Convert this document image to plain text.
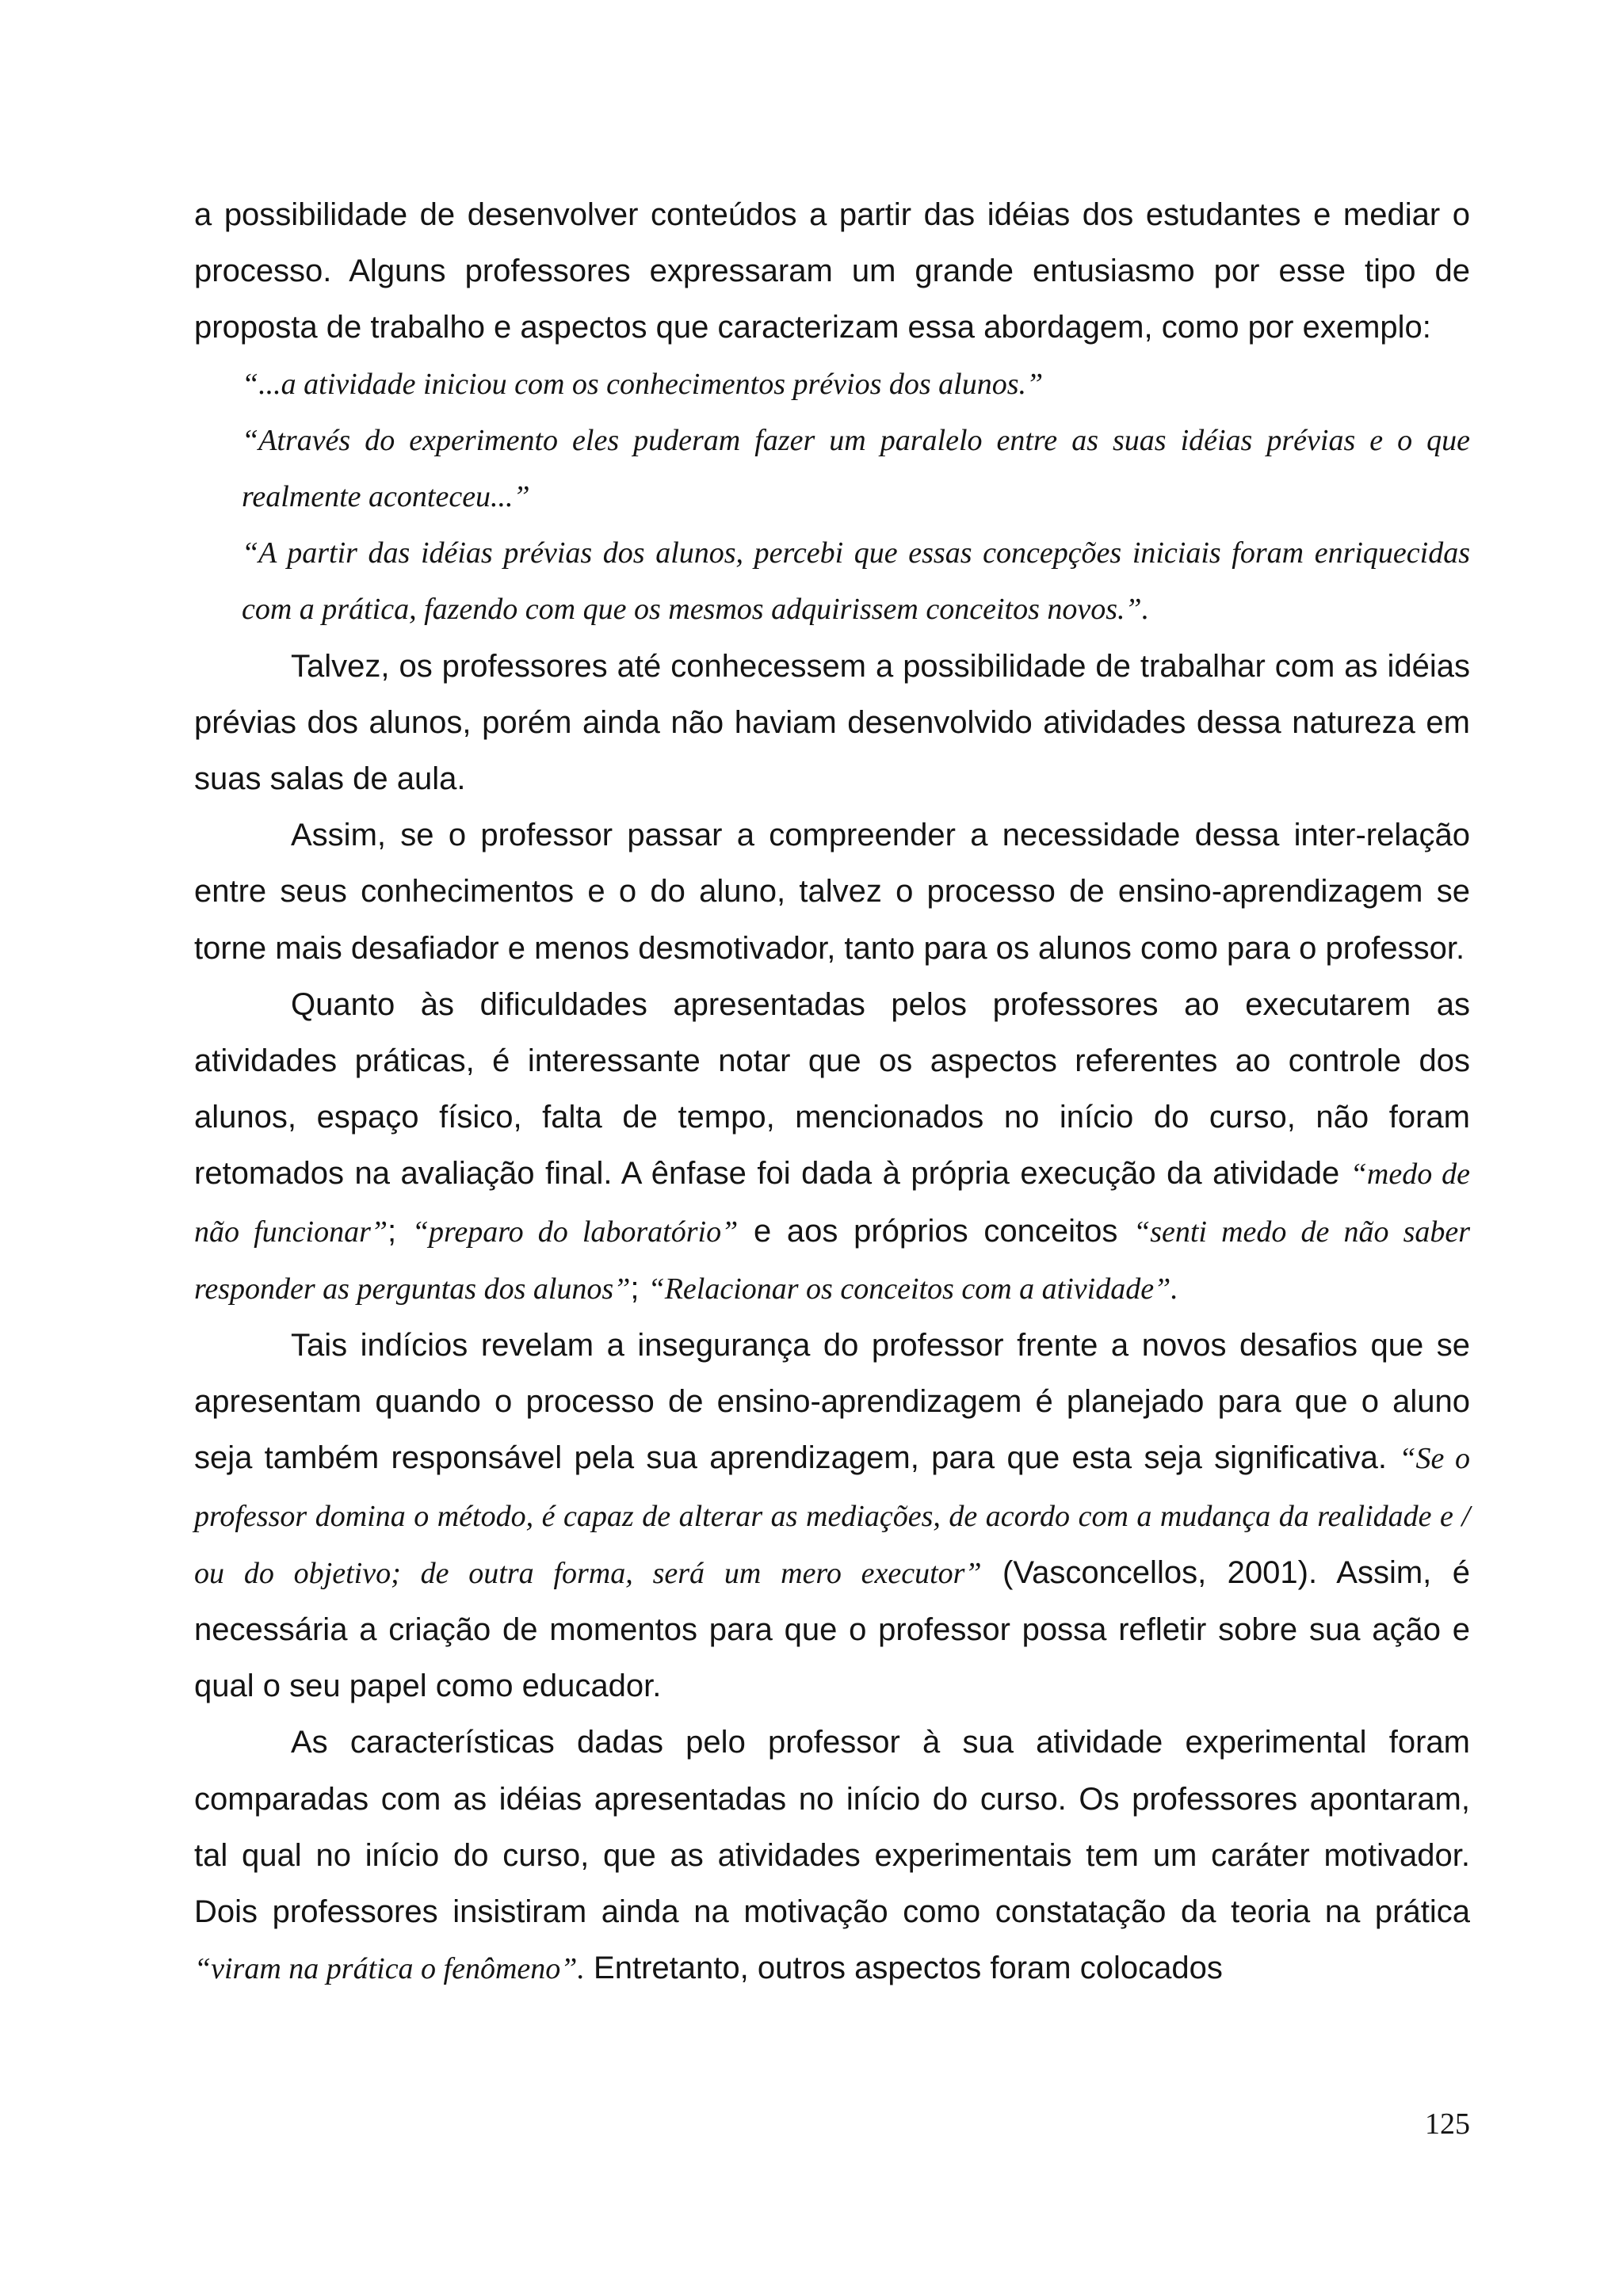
a possibilidade de desenvolver conteúdos a partir das idéias dos estudantes e mediar o processo. Alguns professores expressaram um grande entusiasmo por esse tipo de proposta de trabalho e aspectos que caracterizam essa abordagem, como por exemplo:

“...a atividade iniciou com os conhecimentos prévios dos alunos.”

“Através do experimento eles puderam fazer um paralelo entre as suas idéias prévias e o que realmente aconteceu...”

“A partir das idéias prévias dos alunos, percebi que essas concepções iniciais foram enriquecidas com a prática, fazendo com que os mesmos adquirissem conceitos novos.”.

Talvez, os professores até conhecessem a possibilidade de trabalhar com as idéias prévias dos alunos, porém ainda não haviam desenvolvido atividades dessa natureza em suas salas de aula.

Assim, se o professor passar a compreender a necessidade dessa inter-relação entre seus conhecimentos e o do aluno, talvez o processo de ensino-aprendizagem se torne mais desafiador e menos desmotivador, tanto para os alunos como para o professor.

Quanto às dificuldades apresentadas pelos professores ao executarem as atividades práticas, é interessante notar que os aspectos referentes ao controle dos alunos, espaço físico, falta de tempo, mencionados no início do curso, não foram retomados na avaliação final. A ênfase foi dada à própria execução da atividade “medo de não funcionar”; “preparo do laboratório” e aos próprios conceitos “senti medo de não saber responder as perguntas dos alunos”; “Relacionar os conceitos com a atividade”.

Tais indícios revelam a insegurança do professor frente a novos desafios que se apresentam quando o processo de ensino-aprendizagem é planejado para que o aluno seja também responsável pela sua aprendizagem, para que esta seja significativa. “Se o professor domina o método, é capaz de alterar as mediações, de acordo com a mudança da realidade e / ou do objetivo; de outra forma, será um mero executor” (Vasconcellos, 2001). Assim, é necessária a criação de momentos para que o professor possa refletir sobre sua ação e qual o seu papel como educador.

As características dadas pelo professor à sua atividade experimental foram comparadas com as idéias apresentadas no início do curso. Os professores apontaram, tal qual no início do curso, que as atividades experimentais tem um caráter motivador. Dois professores insistiram ainda na motivação como constatação da teoria na prática “viram na prática o fenômeno”. Entretanto, outros aspectos foram colocados

125
